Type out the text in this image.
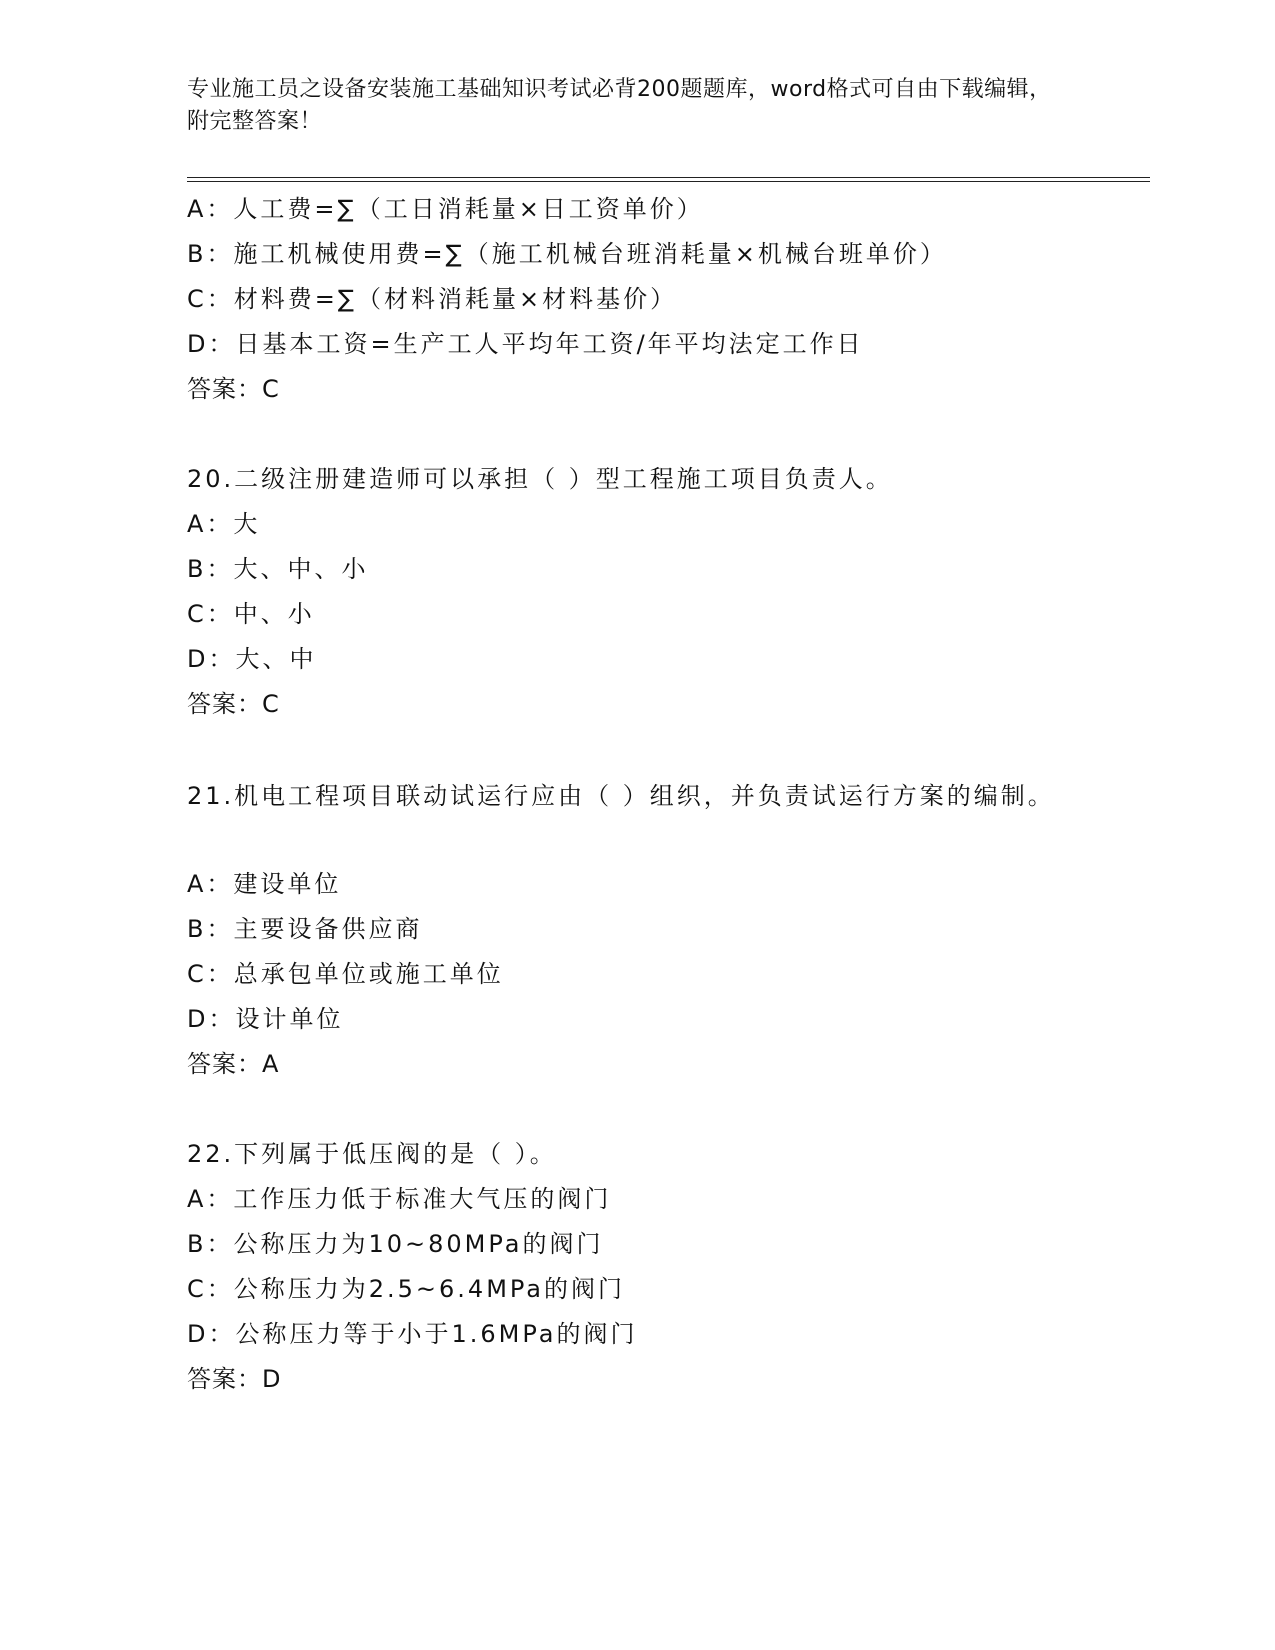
专业施工员之设备安装施工基础知识考试必背200题题库，word格式可自由下载编辑，附完整答案！
A：人工费=∑（工日消耗量×日工资单价）
B：施工机械使用费=∑（施工机械台班消耗量×机械台班单价）
C：材料费=∑（材料消耗量×材料基价）
D：日基本工资=生产工人平均年工资/年平均法定工作日
答案：C
20.二级注册建造师可以承担（ ）型工程施工项目负责人。
A：大
B：大、中、小
C：中、小
D：大、中
答案：C
21.机电工程项目联动试运行应由（ ）组织，并负责试运行方案的编制。
A：建设单位
B：主要设备供应商
C：总承包单位或施工单位
D：设计单位
答案：A
22.下列属于低压阀的是（ ）。
A：工作压力低于标准大气压的阀门
B：公称压力为10~80MPa的阀门
C：公称压力为2.5~6.4MPa的阀门
D：公称压力等于小于1.6MPa的阀门
答案：D
